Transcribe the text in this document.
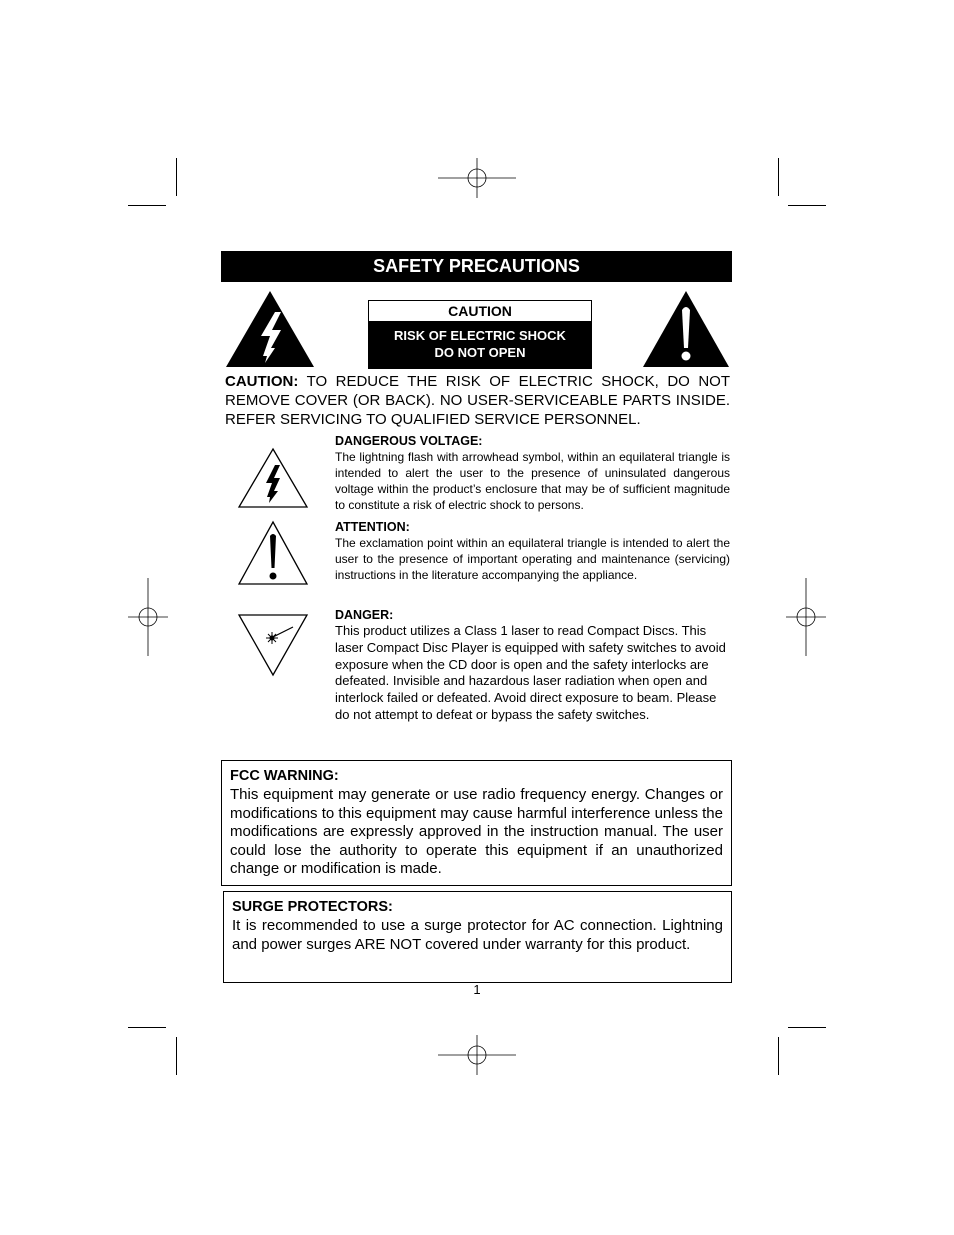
SAFETY PRECAUTIONS
CAUTION
RISK OF ELECTRIC SHOCK
DO NOT OPEN
CAUTION: TO REDUCE THE RISK OF ELECTRIC SHOCK, DO NOT REMOVE COVER (OR BACK). NO USER-SERVICEABLE PARTS INSIDE. REFER SERVICING TO QUALIFIED SERVICE PERSONNEL.
DANGEROUS VOLTAGE:
The lightning flash with arrowhead symbol, within an equilateral triangle is intended to alert the user to the presence of uninsulated dangerous voltage within the product’s enclosure that may be of sufficient magnitude to constitute a risk of electric shock to persons.
ATTENTION:
The exclamation point within an equilateral triangle is intended to alert the user to the presence of important operating and maintenance (servicing) instructions in the literature accompanying the appliance.
DANGER:
This product utilizes a Class 1 laser to read Compact Discs. This laser Compact Disc Player is equipped with safety switches to avoid exposure when the CD door is open and the safety interlocks are defeated. Invisible and hazardous laser radiation when open and interlock failed or defeated. Avoid direct exposure to beam. Please do not attempt to defeat or bypass the safety switches.
FCC WARNING:
This equipment may generate or use radio frequency energy. Changes or modifications to this equipment may cause harmful interference unless the modifications are expressly approved in the instruction manual. The user could lose the authority to operate this equipment if an unauthorized change or modification is made.
SURGE PROTECTORS:
It is recommended to use a surge protector for AC connection. Lightning and power surges ARE NOT covered under warranty for this product.
1
